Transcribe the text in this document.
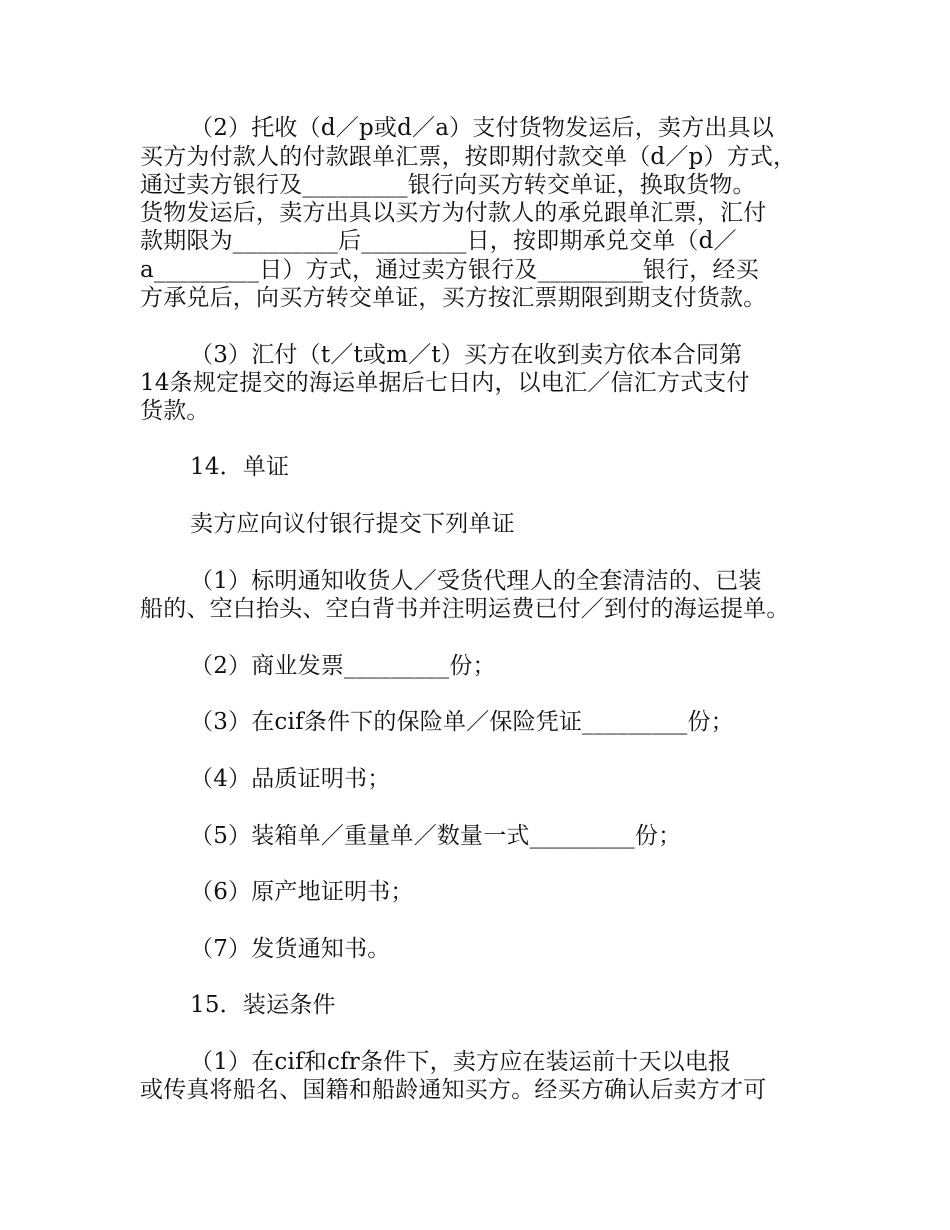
（2）托收（d／p或d／a）支付货物发运后，卖方出具以
买方为付款人的付款跟单汇票，按即期付款交单（d／p）方式，
通过卖方银行及_________银行向买方转交单证，换取货物。
货物发运后，卖方出具以买方为付款人的承兑跟单汇票，汇付
款期限为_________后_________日，按即期承兑交单（d／
a_________日）方式，通过卖方银行及_________银行，经买
方承兑后，向买方转交单证，买方按汇票期限到期支付货款。
（3）汇付（t／t或m／t）买方在收到卖方依本合同第
14条规定提交的海运单据后七日内，以电汇／信汇方式支付
货款。
14．单证
卖方应向议付银行提交下列单证
（1）标明通知收货人／受货代理人的全套清洁的、已装
船的、空白抬头、空白背书并注明运费已付／到付的海运提单。
（2）商业发票_________份；
（3）在cif条件下的保险单／保险凭证_________份；
（4）品质证明书；
（5）装箱单／重量单／数量一式_________份；
（6）原产地证明书；
（7）发货通知书。
15．装运条件
（1）在cif和cfr条件下，卖方应在装运前十天以电报
或传真将船名、国籍和船龄通知买方。经买方确认后卖方才可
